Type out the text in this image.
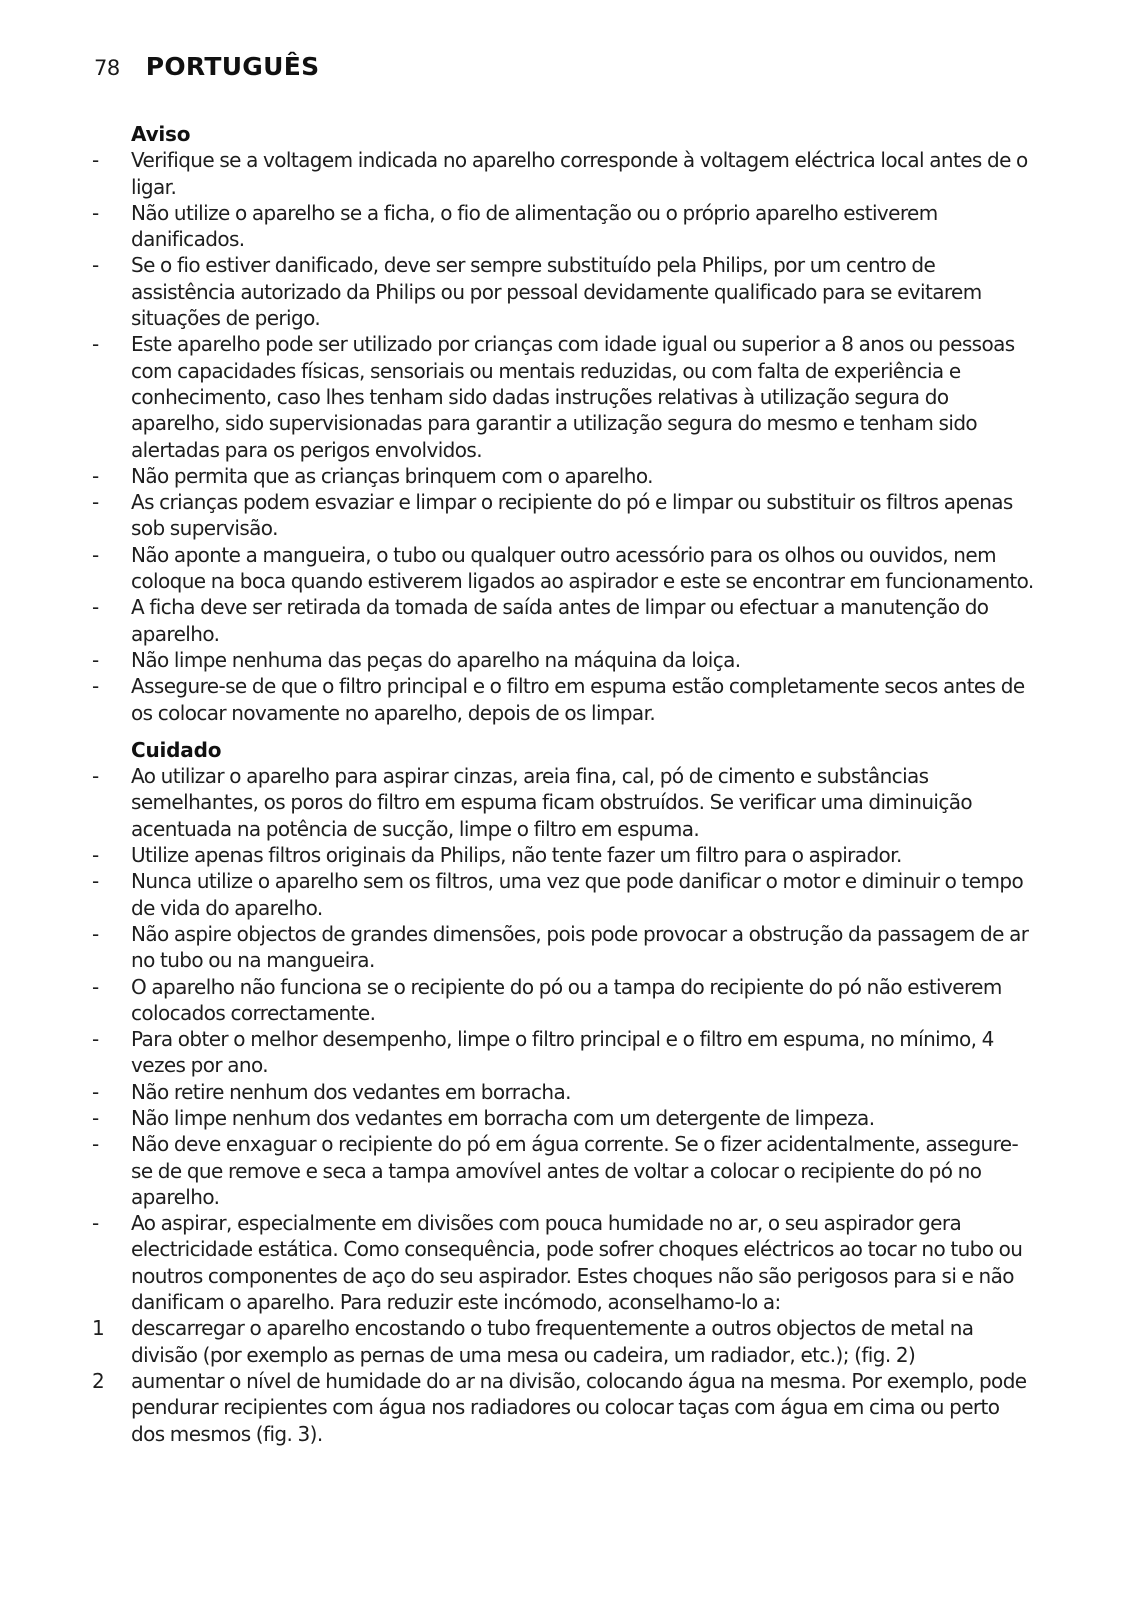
78 PORTUGUÊS
Aviso
-	Verifique se a voltagem indicada no aparelho corresponde à voltagem eléctrica local antes de o ligar.
-	Não utilize o aparelho se a ficha, o fio de alimentação ou o próprio aparelho estiverem danificados.
-	Se o fio estiver danificado, deve ser sempre substituído pela Philips, por um centro de assistência autorizado da Philips ou por pessoal devidamente qualificado para se evitarem situações de perigo.
-	Este aparelho pode ser utilizado por crianças com idade igual ou superior a 8 anos ou pessoas com capacidades físicas, sensoriais ou mentais reduzidas, ou com falta de experiência e conhecimento, caso lhes tenham sido dadas instruções relativas à utilização segura do aparelho, sido supervisionadas para garantir a utilização segura do mesmo e tenham sido alertadas para os perigos envolvidos.
-	Não permita que as crianças brinquem com o aparelho.
-	As crianças podem esvaziar e limpar o recipiente do pó e limpar ou substituir os filtros apenas sob supervisão.
-	Não aponte a mangueira, o tubo ou qualquer outro acessório para os olhos ou ouvidos, nem coloque na boca quando estiverem ligados ao aspirador e este se encontrar em funcionamento.
-	A ficha deve ser retirada da tomada de saída antes de limpar ou efectuar a manutenção do aparelho.
-	Não limpe nenhuma das peças do aparelho na máquina da loiça.
-	Assegure-se de que o filtro principal e o filtro em espuma estão completamente secos antes de os colocar novamente no aparelho, depois de os limpar.
Cuidado
-	Ao utilizar o aparelho para aspirar cinzas, areia fina, cal, pó de cimento e substâncias semelhantes, os poros do filtro em espuma ficam obstruídos. Se verificar uma diminuição acentuada na potência de sucção, limpe o filtro em espuma.
-	Utilize apenas filtros originais da Philips, não tente fazer um filtro para o aspirador.
-	Nunca utilize o aparelho sem os filtros, uma vez que pode danificar o motor e diminuir o tempo de vida do aparelho.
-	Não aspire objectos de grandes dimensões, pois pode provocar a obstrução da passagem de ar no tubo ou na mangueira.
-	O aparelho não funciona se o recipiente do pó ou a tampa do recipiente do pó não estiverem colocados correctamente.
-	Para obter o melhor desempenho, limpe o filtro principal e o filtro em espuma, no mínimo, 4 vezes por ano.
-	Não retire nenhum dos vedantes em borracha.
-	Não limpe nenhum dos vedantes em borracha com um detergente de limpeza.
-	Não deve enxaguar o recipiente do pó em água corrente. Se o fizer acidentalmente, assegure-se de que remove e seca a tampa amovível antes de voltar a colocar o recipiente do pó no aparelho.
-	Ao aspirar, especialmente em divisões com pouca humidade no ar, o seu aspirador gera electricidade estática. Como consequência, pode sofrer choques eléctricos ao tocar no tubo ou noutros componentes de aço do seu aspirador. Estes choques não são perigosos para si e não danificam o aparelho. Para reduzir este incómodo, aconselhamo-lo a:
1	descarregar o aparelho encostando o tubo frequentemente a outros objectos de metal na divisão (por exemplo as pernas de uma mesa ou cadeira, um radiador, etc.); (fig. 2)
2	aumentar o nível de humidade do ar na divisão, colocando água na mesma. Por exemplo, pode pendurar recipientes com água nos radiadores ou colocar taças com água em cima ou perto dos mesmos (fig. 3).
